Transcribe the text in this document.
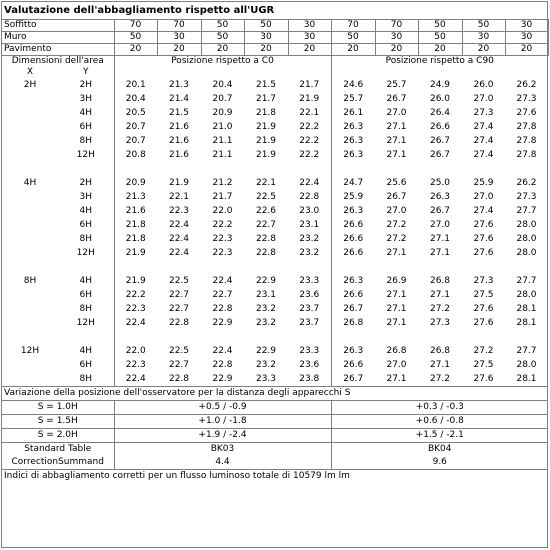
Valutazione dell'abbagliamento rispetto all'UGR											
Soffitto		70	70	50	50	30	70	70	50	50	30
Muro		50	30	50	30	30	50	30	50	30	30
Pavimento		20	20	20	20	20	20	20	20	20	20
Dimensioni dell'area		Posizione rispetto a C0					Posizione rispetto a C90				
X	Y										
2H	2H	20.1	21.3	20.4	21.5	21.7	24.6	25.7	24.9	26.0	26.2
	3H	20.4	21.4	20.7	21.7	21.9	25.7	26.7	26.0	27.0	27.3
	4H	20.5	21.5	20.9	21.8	22.1	26.1	27.0	26.4	27.3	27.6
	6H	20.7	21.6	21.0	21.9	22.2	26.3	27.1	26.6	27.4	27.8
	8H	20.7	21.6	21.1	21.9	22.2	26.3	27.1	26.7	27.4	27.8
	12H	20.8	21.6	21.1	21.9	22.2	26.3	27.1	26.7	27.4	27.8

4H	2H	20.9	21.9	21.2	22.1	22.4	24.7	25.6	25.0	25.9	26.2
	3H	21.3	22.1	21.7	22.5	22.8	25.9	26.7	26.3	27.0	27.3
	4H	21.6	22.3	22.0	22.6	23.0	26.3	27.0	26.7	27.4	27.7
	6H	21.8	22.4	22.2	22.7	23.1	26.6	27.2	27.0	27.6	28.0
	8H	21.8	22.4	22.3	22.8	23.2	26.6	27.2	27.1	27.6	28.0
	12H	21.9	22.4	22.3	22.8	23.2	26.6	27.1	27.1	27.6	28.0

8H	4H	21.9	22.5	22.4	22.9	23.3	26.3	26.9	26.8	27.3	27.7
	6H	22.2	22.7	22.7	23.1	23.6	26.6	27.1	27.1	27.5	28.0
	8H	22.3	22.7	22.8	23.2	23.7	26.7	27.1	27.2	27.6	28.1
	12H	22.4	22.8	22.9	23.2	23.7	26.8	27.1	27.3	27.6	28.1

12H	4H	22.0	22.5	22.4	22.9	23.3	26.3	26.8	26.8	27.2	27.7
	6H	22.3	22.7	22.8	23.2	23.6	26.6	27.0	27.1	27.5	28.0
	8H	22.4	22.8	22.9	23.3	23.8	26.7	27.1	27.2	27.6	28.1
Variazione della posizione dell'osservatore per la distanza degli apparecchi S											
S = 1.0H		+0.5 / -0.9					+0.3 / -0.3				
S = 1.5H		+1.0 / -1.8					+0.6 / -0.8				
S = 2.0H		+1.9 / -2.4					+1.5 / -2.1				
Standard Table		BK03					BK04				
CorrectionSummand		4.4					9.6				
Indici di abbagliamento corretti per un flusso luminoso totale di 10579 lm lm											
